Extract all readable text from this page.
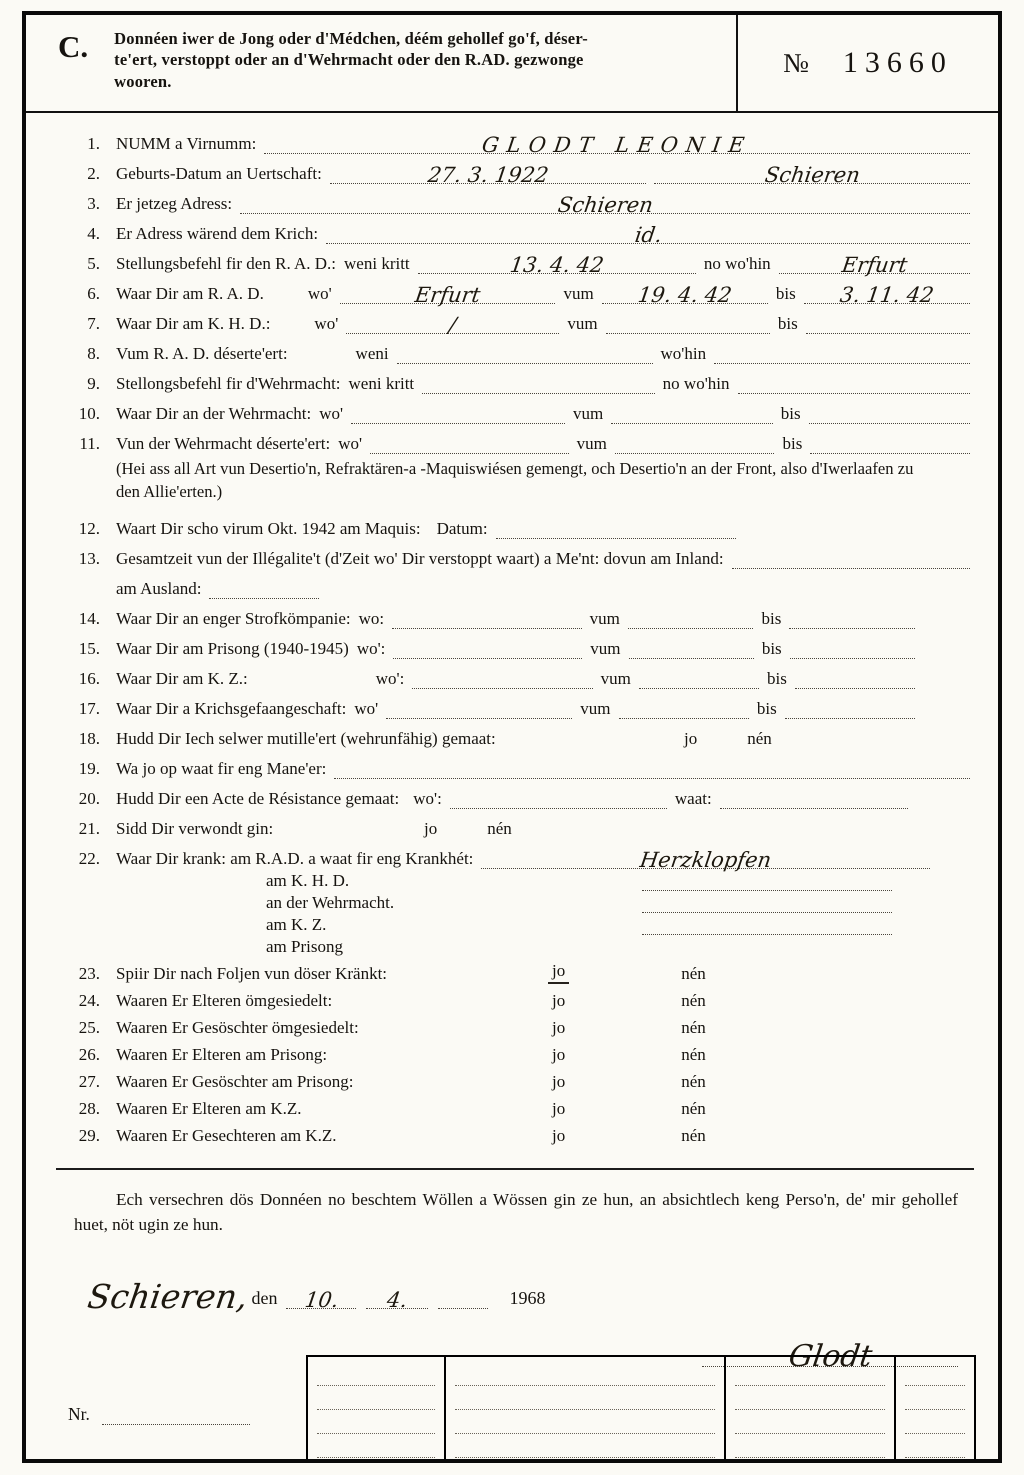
C. Donnéen iwer de Jong oder d'Médchen, déém gehollef go'f, déser-
te'ert, verstoppt oder an d'Wehrmacht oder den R.AD. gezwonge
wooren.
№ 13660
1. NUMM a Virnumm:	GLODT LEONIE
2. Geburts-Datum an Uertschaft:	27. 3. 1922	Schieren
3. Er jetzeg Adress:	Schieren
4. Er Adress wärend dem Krich:	id.
5. Stellungsbefehl fir den R. A. D.: weni kritt	13. 4. 42	no wo'hin	Erfurt
6. Waar Dir am R. A. D.	wo'	Erfurt	vum 19. 4. 42	bis 3. 11. 42
7. Waar Dir am K. H. D.:	wo'	/	vum	bis
8. Vum R. A. D. déserte'ert:	weni	wo'hin
9. Stellongsbefehl fir d'Wehrmacht: weni kritt	no wo'hin
10. Waar Dir an der Wehrmacht: wo'	vum	bis
11. Vun der Wehrmacht déserte'ert: wo'	vum	bis
(Hei ass all Art vun Desertio'n, Refraktären-a -Maquiswiésen gemengt, och Desertio'n an der Front, also d'Iwerlaafen zu den Allie'erten.)
12. Waart Dir scho virum Okt. 1942 am Maquis: Datum:
13. Gesamtzeit vun der Illégalite't (d'Zeit wo' Dir verstoppt waart) a Me'nt: dovun am Inland:
am Ausland:
14. Waar Dir an enger Strofkömpanie: wo:	vum	bis
15. Waar Dir am Prisong (1940-1945) wo':	vum	bis
16. Waar Dir am K. Z.:	wo':	vum	bis
17. Waar Dir a Krichsgefaangeschaft: wo'	vum	bis
18. Hudd Dir Iech selwer mutille'ert (wehrunfähig) gemaat:	jo	nén
19. Wa jo op waat fir eng Mane'er:
20. Hudd Dir een Acte de Résistance gemaat: wo':	waat:
21. Sidd Dir verwondt gin:	jo	nén
22. Waar Dir krank: am R.A.D. a waat fir eng Krankhét:	Herzklopfen
am K. H. D.
an der Wehrmacht.
am K. Z.
am Prisong
23. Spiir Dir nach Foljen vun döser Kränkt:	jo	nén
24. Waaren Er Elteren ömgesiedelt:	jo	nén
25. Waaren Er Gesöschter ömgesiedelt:	jo	nén
26. Waaren Er Elteren am Prisong:	jo	nén
27. Waaren Er Gesöschter am Prisong:	jo	nén
28. Waaren Er Elteren am K.Z.	jo	nén
29. Waaren Er Gesechteren am K.Z.	jo	nén

Ech versechren dös Donnéen no beschtem Wöllen a Wössen gin ze hun, an absichtlech keng Perso'n, de' mir gehollef huet, nöt ugin ze hun.

Schieren, den 10. 4.	1968
Glodt
Nr.
